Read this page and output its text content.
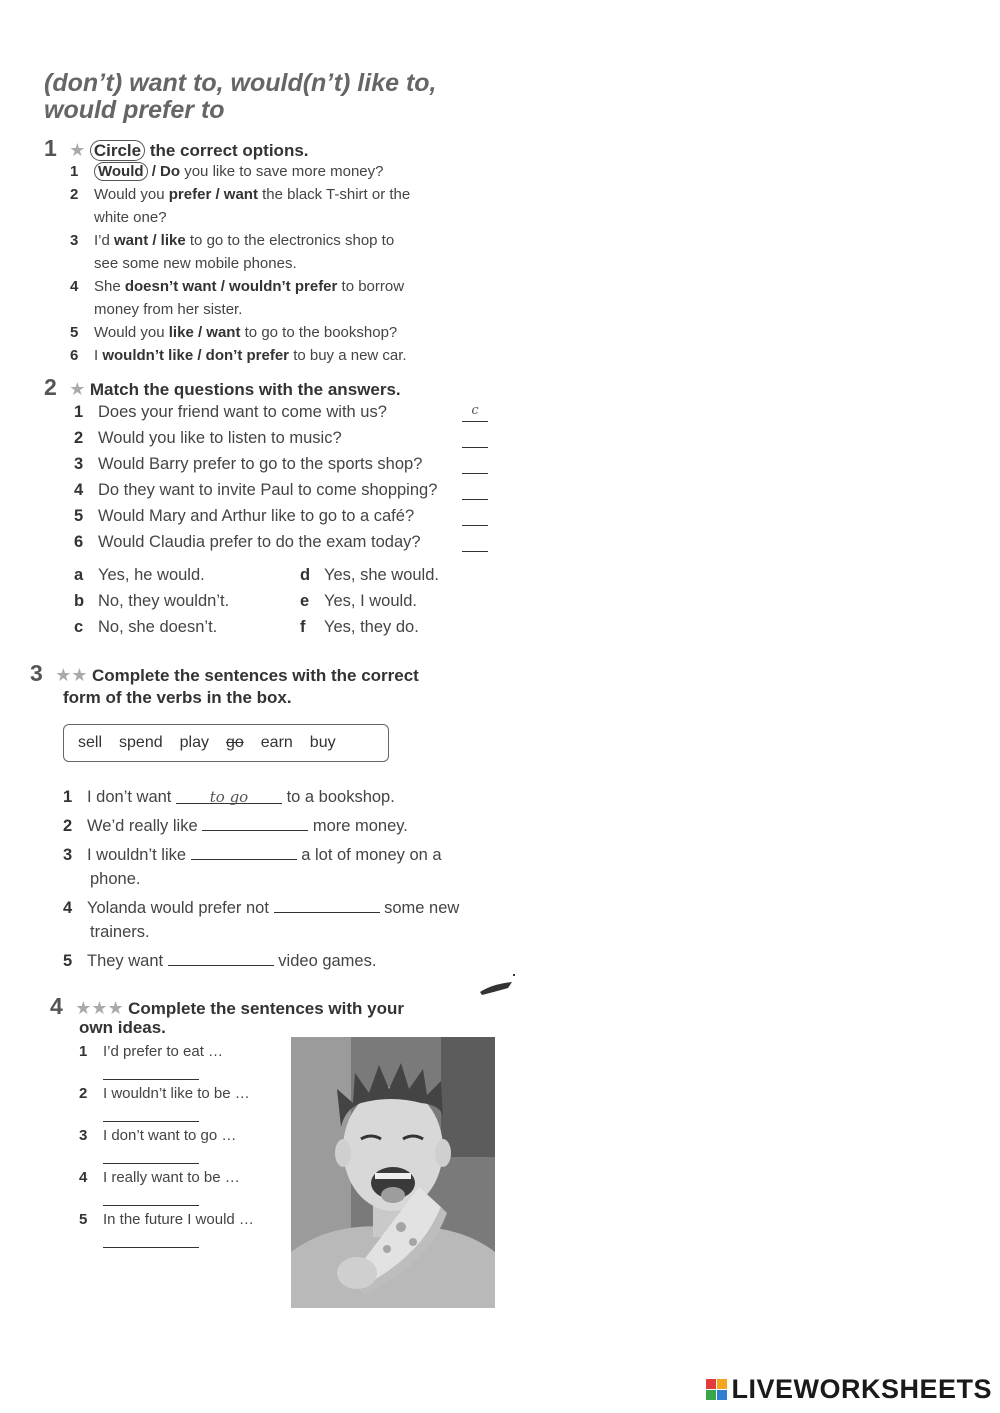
(don’t) want to, would(n’t) like to,
would prefer to
1 ★ Circle the correct options.
1 Would / Do you like to save more money?
2 Would you prefer / want the black T-shirt or the
white one?
3 I’d want / like to go to the electronics shop to
see some new mobile phones.
4 She doesn’t want / wouldn’t prefer to borrow
money from her sister.
5 Would you like / want to go to the bookshop?
6 I wouldn’t like / don’t prefer to buy a new car.
2 ★ Match the questions with the answers.
1 Does your friend want to come with us?	c
2 Would you like to listen to music?
3 Would Barry prefer to go to the sports shop?
4 Do they want to invite Paul to come shopping?
5 Would Mary and Arthur like to go to a café?
6 Would Claudia prefer to do the exam today?
a Yes, he would.
b No, they wouldn’t.
c No, she doesn’t.
d Yes, she would.
e Yes, I would.
f Yes, they do.
3 ★★ Complete the sentences with the correct
form of the verbs in the box.
sell spend play go earn buy
1 I don’t want to go to a bookshop.
2 We’d really like	more money.
3 I wouldn’t like	a lot of money on a
phone.
4 Yolanda would prefer not	some new
trainers.
5 They want	video games.
4 ★★★ Complete the sentences with your
own ideas.
1 I’d prefer to eat …
2 I wouldn’t like to be …
3 I don’t want to go …
4 I really want to be …
5 In the future I would …
LIVEWORKSHEETS
